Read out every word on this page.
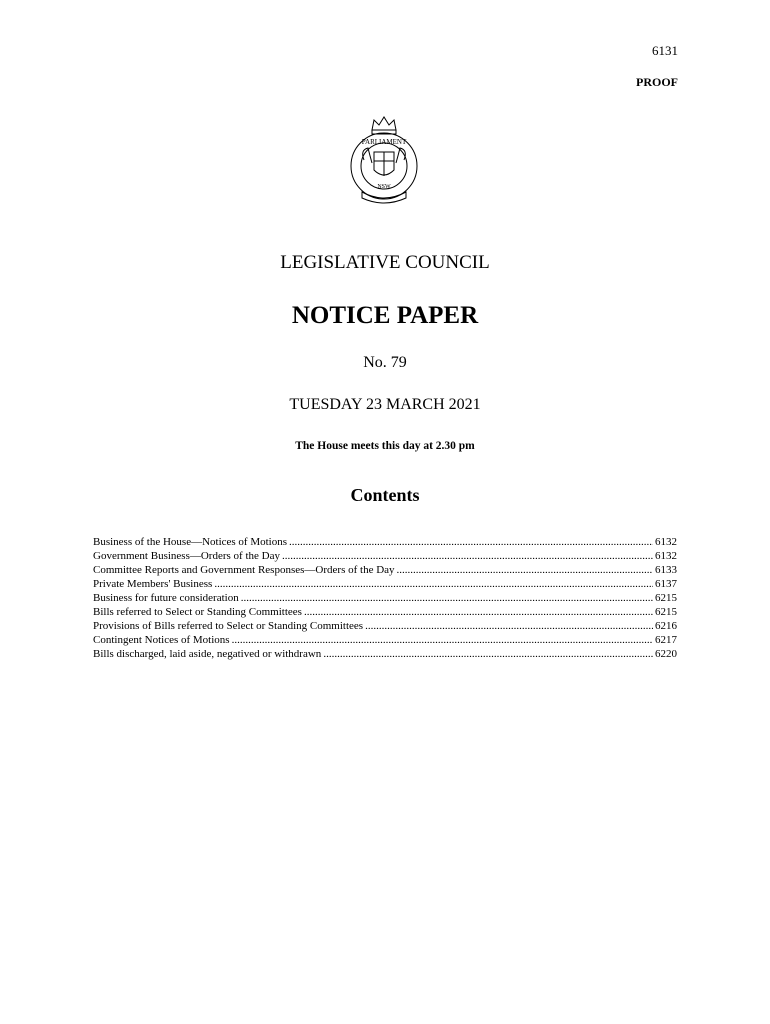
6131
PROOF
PARLIAMENT
NSW
LEGISLATIVE COUNCIL
NOTICE PAPER
No. 79
TUESDAY 23 MARCH 2021
The House meets this day at 2.30 pm
Contents
Business of the House—Notices of Motions .....	6132
Government Business—Orders of the Day .....	6132
Committee Reports and Government Responses—Orders of the Day .....	6133
Private Members' Business .....	6137
Business for future consideration .....	6215
Bills referred to Select or Standing Committees .....	6215
Provisions of Bills referred to Select or Standing Committees .....	6216
Contingent Notices of Motions .....	6217
Bills discharged, laid aside, negatived or withdrawn .....	6220
